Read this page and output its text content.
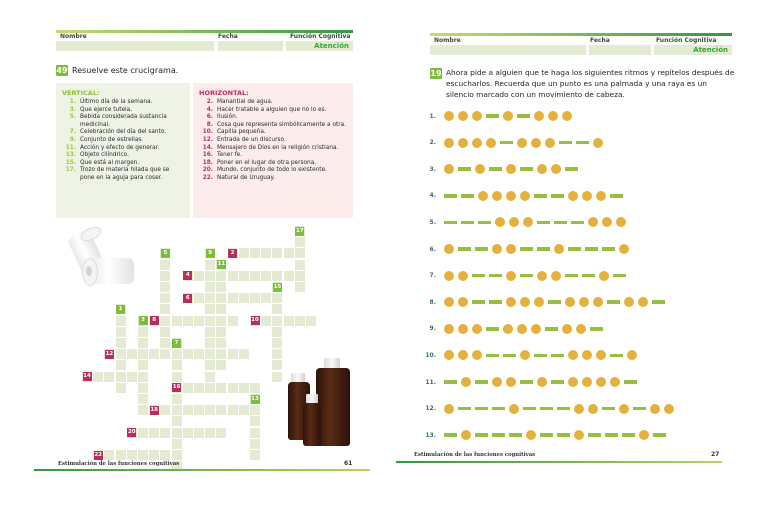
Nombre	Fecha	Función Cognitiva
Atención
49 Resuelve este crucigrama.
VERTICAL:
1. Último día de la semana.
3. Que ejerce tutela.
5. Bebida considerada sustancia medicinal.
7. Celebración del día del santo.
9. Conjunto de estrellas.
11. Acción y efecto de generar.
13. Objeto cilíndrico.
15. Que está al margen.
17. Trozo de materia hilada que se pone en la aguja para coser.
HORIZONTAL:
2. Manantial de agua.
4. Hacer tratable a alguien que no lo es.
6. Ilusión.
8. Cosa que representa simbólicamente a otra.
10. Capilla pequeña.
12. Entrada de un discurso.
14. Mensajero de Dios en la religión cristiana.
16. Tener fe.
18. Poner en el lugar de otra persona.
20. Mundo, conjunto de todo lo existente.
22. Natural de Uruguay.
17
2
5	9
11
4
15
6
1
3	8	10
7
12
14
16
13
18
20
22
Estimulación de las funciones cognitivas	61
Nombre	Fecha	Función Cognitiva
Atención
19 Ahora pide a alguien que te haga los siguientes ritmos y repítelos después de escucharlos. Recuerda que un punto es una palmada y una raya es un silencio marcado con un movimiento de cabeza.
1.
2.
3.
4.
5.
6.
7.
8.
9.
10.
11.
12.
13.
Estimulación de las funciones cognitivas	27
